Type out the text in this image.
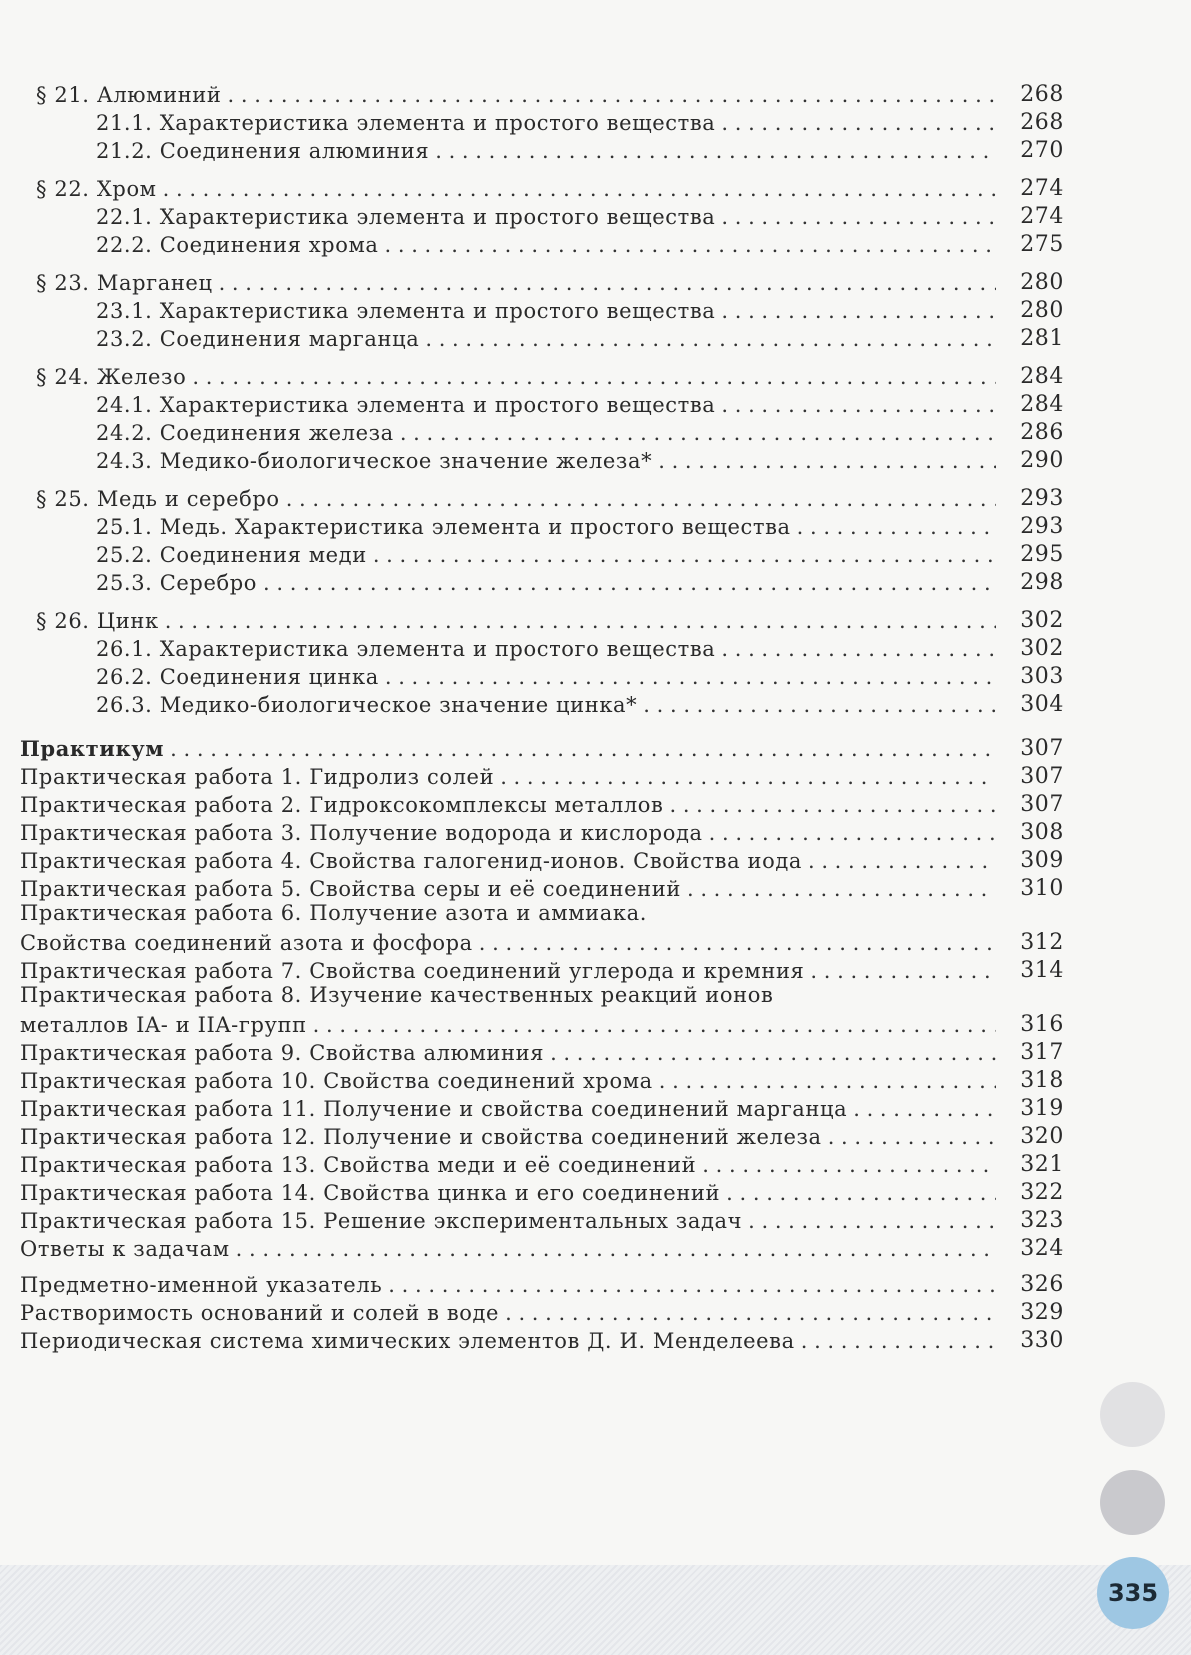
§ 21. Алюминий . . .	268
21.1. Характеристика элемента и простого вещества . . .	268
21.2. Соединения алюминия . . .	270
§ 22. Хром . . .	274
22.1. Характеристика элемента и простого вещества . . .	274
22.2. Соединения хрома . . .	275
§ 23. Марганец . . .	280
23.1. Характеристика элемента и простого вещества . . .	280
23.2. Соединения марганца . . .	281
§ 24. Железо . . .	284
24.1. Характеристика элемента и простого вещества . . .	284
24.2. Соединения железа . . .	286
24.3. Медико-биологическое значение железа* . . .	290
§ 25. Медь и серебро . . .	293
25.1. Медь. Характеристика элемента и простого вещества . . .	293
25.2. Соединения меди . . .	295
25.3. Серебро . . .	298
§ 26. Цинк . . .	302
26.1. Характеристика элемента и простого вещества . . .	302
26.2. Соединения цинка . . .	303
26.3. Медико-биологическое значение цинка* . . .	304
Практикум . . .	307
Практическая работа 1. Гидролиз солей . . .	307
Практическая работа 2. Гидроксокомплексы металлов . . .	307
Практическая работа 3. Получение водорода и кислорода . . .	308
Практическая работа 4. Свойства галогенид-ионов. Свойства иода . . .	309
Практическая работа 5. Свойства серы и её соединений . . .	310
Практическая работа 6. Получение азота и аммиака.
Свойства соединений азота и фосфора . . .	312
Практическая работа 7. Свойства соединений углерода и кремния . . .	314
Практическая работа 8. Изучение качественных реакций ионов
металлов IA- и IIA-групп . . .	316
Практическая работа 9. Свойства алюминия . . .	317
Практическая работа 10. Свойства соединений хрома . . .	318
Практическая работа 11. Получение и свойства соединений марганца . . .	319
Практическая работа 12. Получение и свойства соединений железа . . .	320
Практическая работа 13. Свойства меди и её соединений . . .	321
Практическая работа 14. Свойства цинка и его соединений . . .	322
Практическая работа 15. Решение экспериментальных задач . . .	323
Ответы к задачам . . .	324
Предметно-именной указатель . . .	326
Растворимость оснований и солей в воде . . .	329
Периодическая система химических элементов Д. И. Менделеева . . .	330
335
